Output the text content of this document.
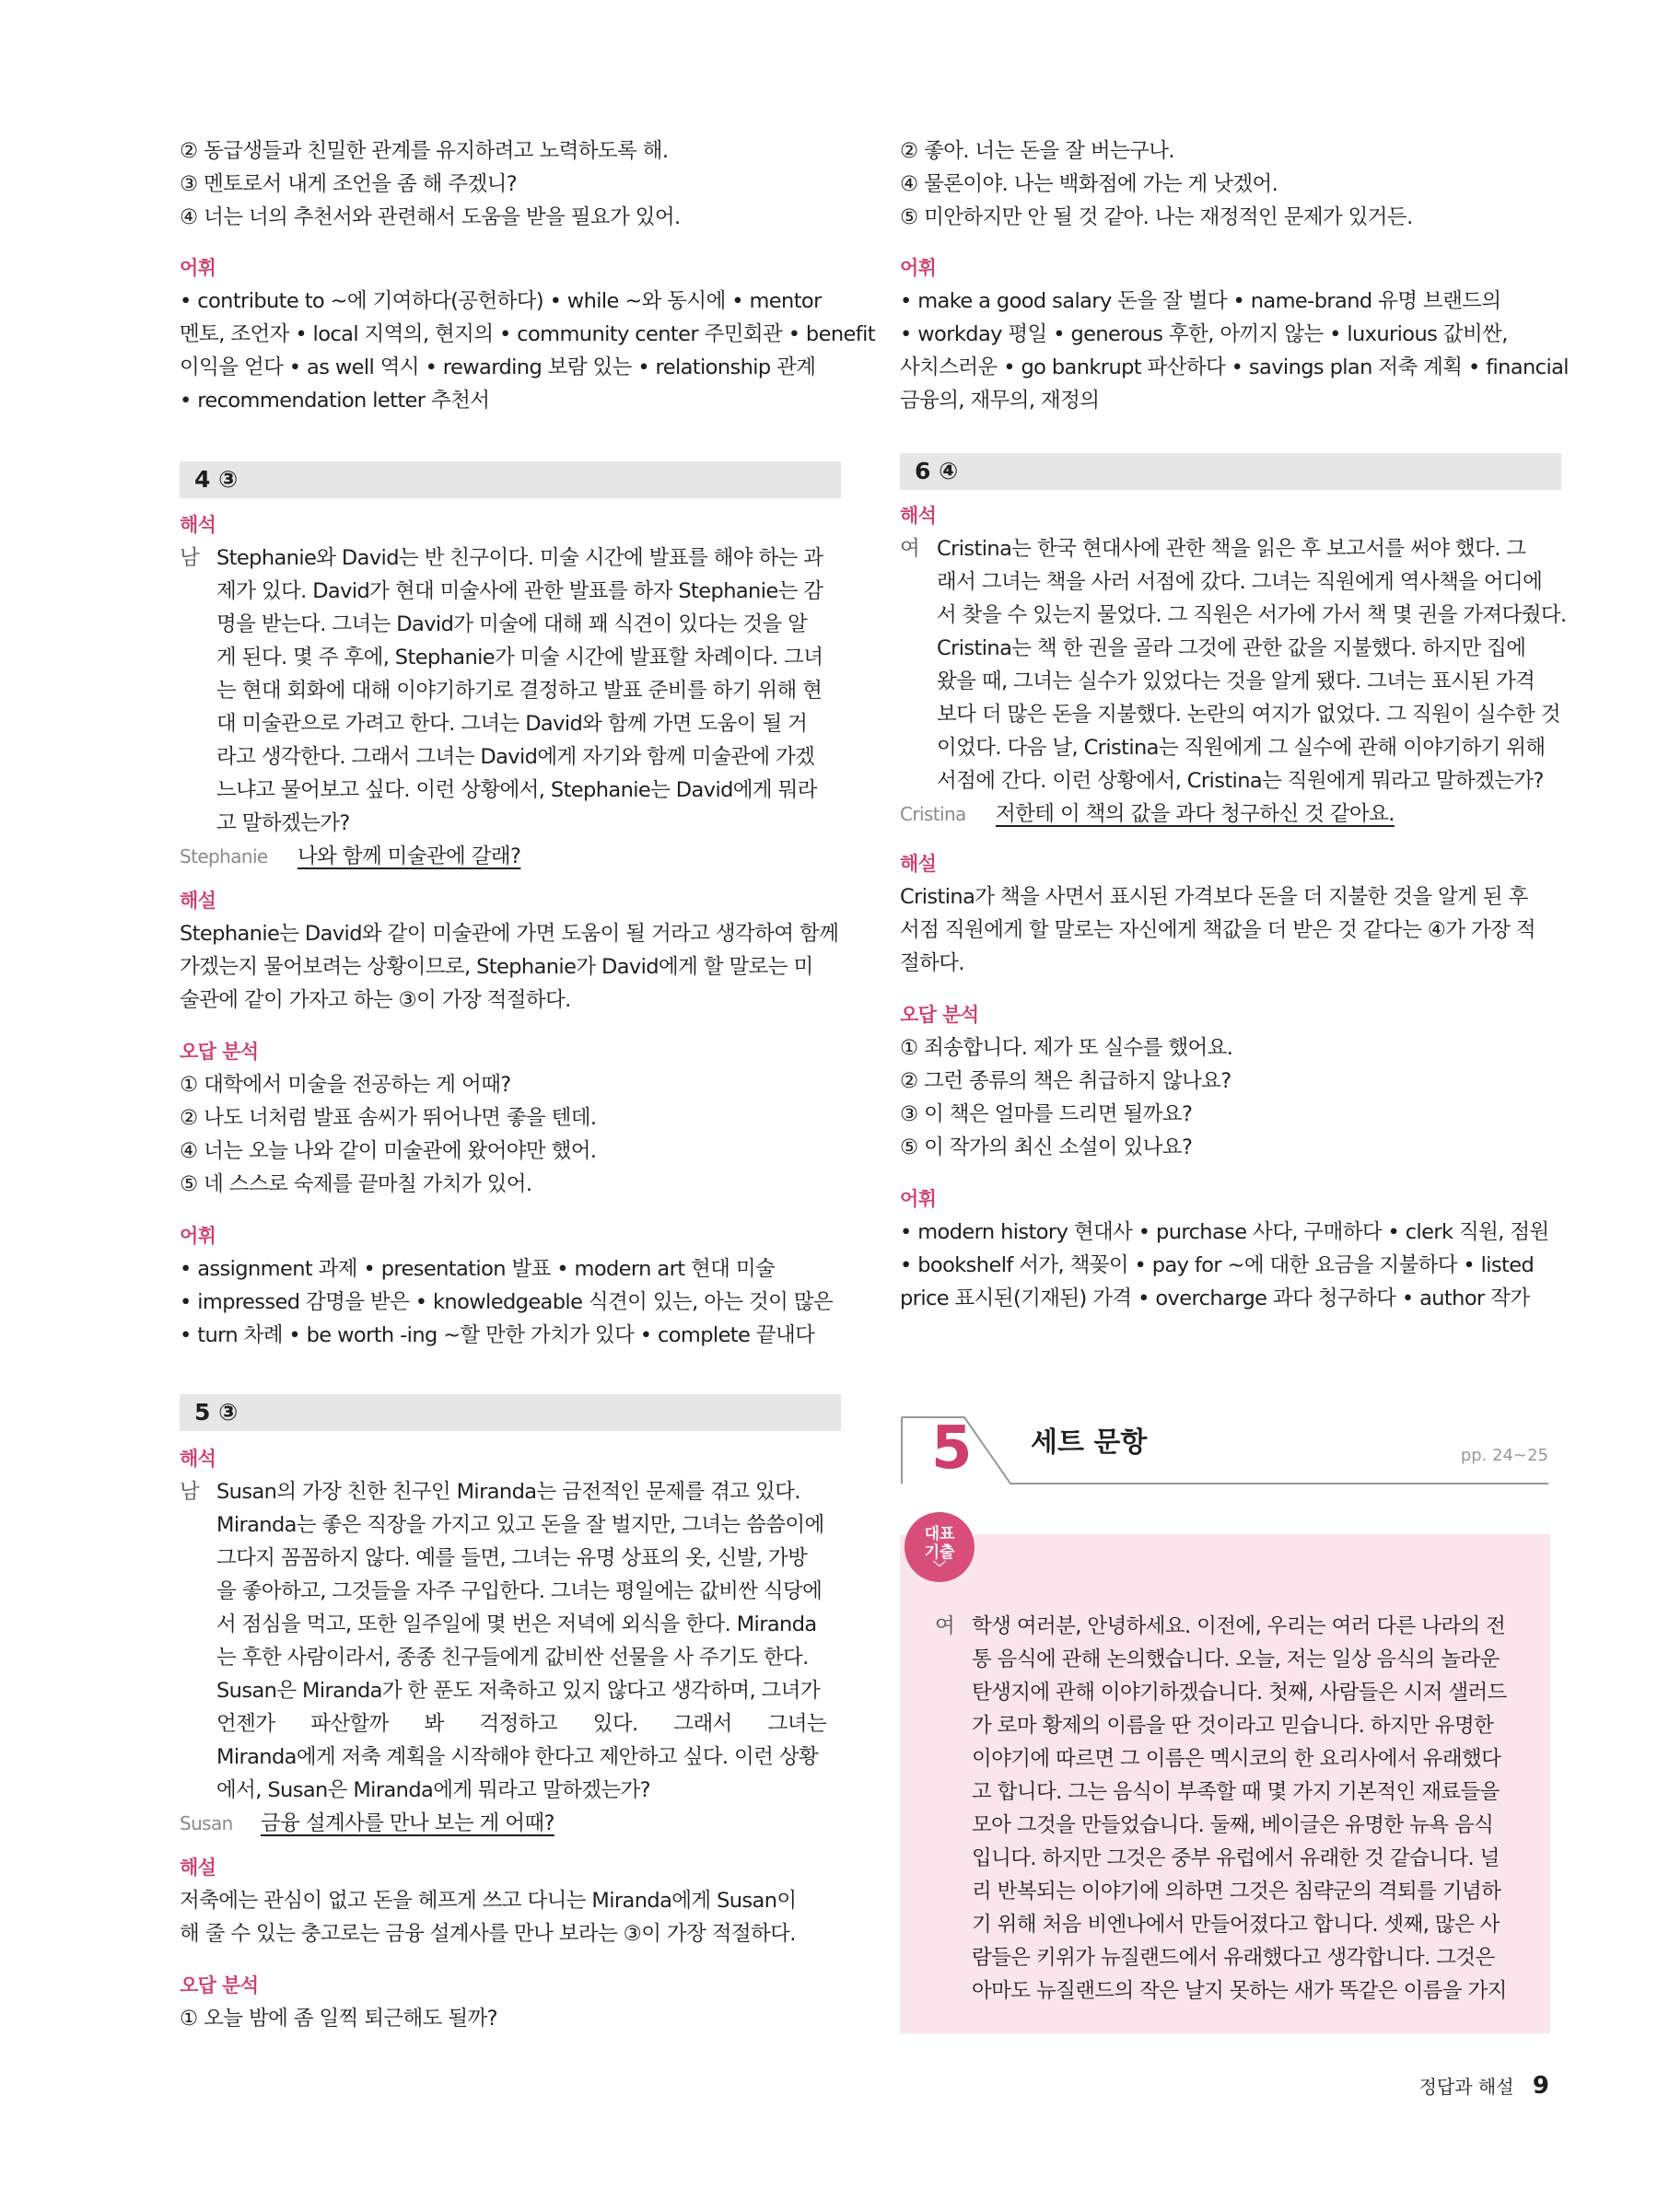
② 동급생들과 친밀한 관계를 유지하려고 노력하도록 해.
③ 멘토로서 내게 조언을 좀 해 주겠니?
④ 너는 너의 추천서와 관련해서 도움을 받을 필요가 있어.
어휘
• contribute to ~에 기여하다(공헌하다) • while ~와 동시에 • mentor
멘토, 조언자 • local 지역의, 현지의 • community center 주민회관 • benefit
이익을 얻다 • as well 역시 • rewarding 보람 있는 • relationship 관계
• recommendation letter 추천서
4 ③
해석
남 Stephanie와 David는 반 친구이다. 미술 시간에 발표를 해야 하는 과
제가 있다. David가 현대 미술사에 관한 발표를 하자 Stephanie는 감
명을 받는다. 그녀는 David가 미술에 대해 꽤 식견이 있다는 것을 알
게 된다. 몇 주 후에, Stephanie가 미술 시간에 발표할 차례이다. 그녀
는 현대 회화에 대해 이야기하기로 결정하고 발표 준비를 하기 위해 현
대 미술관으로 가려고 한다. 그녀는 David와 함께 가면 도움이 될 거
라고 생각한다. 그래서 그녀는 David에게 자기와 함께 미술관에 가겠
느냐고 물어보고 싶다. 이런 상황에서, Stephanie는 David에게 뭐라
고 말하겠는가?
Stephanie 나와 함께 미술관에 갈래?
해설
Stephanie는 David와 같이 미술관에 가면 도움이 될 거라고 생각하여 함께
가겠는지 물어보려는 상황이므로, Stephanie가 David에게 할 말로는 미
술관에 같이 가자고 하는 ③이 가장 적절하다.
오답 분석
① 대학에서 미술을 전공하는 게 어때?
② 나도 너처럼 발표 솜씨가 뛰어나면 좋을 텐데.
④ 너는 오늘 나와 같이 미술관에 왔어야만 했어.
⑤ 네 스스로 숙제를 끝마칠 가치가 있어.
어휘
• assignment 과제 • presentation 발표 • modern art 현대 미술
• impressed 감명을 받은 • knowledgeable 식견이 있는, 아는 것이 많은
• turn 차례 • be worth -ing ~할 만한 가치가 있다 • complete 끝내다
5 ③
해석
남 Susan의 가장 친한 친구인 Miranda는 금전적인 문제를 겪고 있다.
Miranda는 좋은 직장을 가지고 있고 돈을 잘 벌지만, 그녀는 씀씀이에
그다지 꼼꼼하지 않다. 예를 들면, 그녀는 유명 상표의 옷, 신발, 가방
을 좋아하고, 그것들을 자주 구입한다. 그녀는 평일에는 값비싼 식당에
서 점심을 먹고, 또한 일주일에 몇 번은 저녁에 외식을 한다. Miranda
는 후한 사람이라서, 종종 친구들에게 값비싼 선물을 사 주기도 한다.
Susan은 Miranda가 한 푼도 저축하고 있지 않다고 생각하며, 그녀가
언젠가 파산할까 봐 걱정하고 있다. 그래서 그녀는
Miranda에게 저축 계획을 시작해야 한다고 제안하고 싶다. 이런 상황
에서, Susan은 Miranda에게 뭐라고 말하겠는가?
Susan 금융 설계사를 만나 보는 게 어때?
해설
저축에는 관심이 없고 돈을 헤프게 쓰고 다니는 Miranda에게 Susan이
해 줄 수 있는 충고로는 금융 설계사를 만나 보라는 ③이 가장 적절하다.
오답 분석
① 오늘 밤에 좀 일찍 퇴근해도 될까?
② 좋아. 너는 돈을 잘 버는구나.
④ 물론이야. 나는 백화점에 가는 게 낫겠어.
⑤ 미안하지만 안 될 것 같아. 나는 재정적인 문제가 있거든.
어휘
• make a good salary 돈을 잘 벌다 • name-brand 유명 브랜드의
• workday 평일 • generous 후한, 아끼지 않는 • luxurious 값비싼,
사치스러운 • go bankrupt 파산하다 • savings plan 저축 계획 • financial
금융의, 재무의, 재정의
6 ④
해석
여 Cristina는 한국 현대사에 관한 책을 읽은 후 보고서를 써야 했다. 그
래서 그녀는 책을 사러 서점에 갔다. 그녀는 직원에게 역사책을 어디에
서 찾을 수 있는지 물었다. 그 직원은 서가에 가서 책 몇 권을 가져다줬다.
Cristina는 책 한 권을 골라 그것에 관한 값을 지불했다. 하지만 집에
왔을 때, 그녀는 실수가 있었다는 것을 알게 됐다. 그녀는 표시된 가격
보다 더 많은 돈을 지불했다. 논란의 여지가 없었다. 그 직원이 실수한 것
이었다. 다음 날, Cristina는 직원에게 그 실수에 관해 이야기하기 위해
서점에 간다. 이런 상황에서, Cristina는 직원에게 뭐라고 말하겠는가?
Cristina 저한테 이 책의 값을 과다 청구하신 것 같아요.
해설
Cristina가 책을 사면서 표시된 가격보다 돈을 더 지불한 것을 알게 된 후
서점 직원에게 할 말로는 자신에게 책값을 더 받은 것 같다는 ④가 가장 적
절하다.
오답 분석
① 죄송합니다. 제가 또 실수를 했어요.
② 그런 종류의 책은 취급하지 않나요?
③ 이 책은 얼마를 드리면 될까요?
⑤ 이 작가의 최신 소설이 있나요?
어휘
• modern history 현대사 • purchase 사다, 구매하다 • clerk 직원, 점원
• bookshelf 서가, 책꽂이 • pay for ~에 대한 요금을 지불하다 • listed
price 표시된(기재된) 가격 • overcharge 과다 청구하다 • author 작가
5 세트 문항	pp. 24~25
대표
기출
﹀
여 학생 여러분, 안녕하세요. 이전에, 우리는 여러 다른 나라의 전
통 음식에 관해 논의했습니다. 오늘, 저는 일상 음식의 놀라운
탄생지에 관해 이야기하겠습니다. 첫째, 사람들은 시저 샐러드
가 로마 황제의 이름을 딴 것이라고 믿습니다. 하지만 유명한
이야기에 따르면 그 이름은 멕시코의 한 요리사에서 유래했다
고 합니다. 그는 음식이 부족할 때 몇 가지 기본적인 재료들을
모아 그것을 만들었습니다. 둘째, 베이글은 유명한 뉴욕 음식
입니다. 하지만 그것은 중부 유럽에서 유래한 것 같습니다. 널
리 반복되는 이야기에 의하면 그것은 침략군의 격퇴를 기념하
기 위해 처음 비엔나에서 만들어졌다고 합니다. 셋째, 많은 사
람들은 키위가 뉴질랜드에서 유래했다고 생각합니다. 그것은
아마도 뉴질랜드의 작은 날지 못하는 새가 똑같은 이름을 가지
정답과 해설 9
